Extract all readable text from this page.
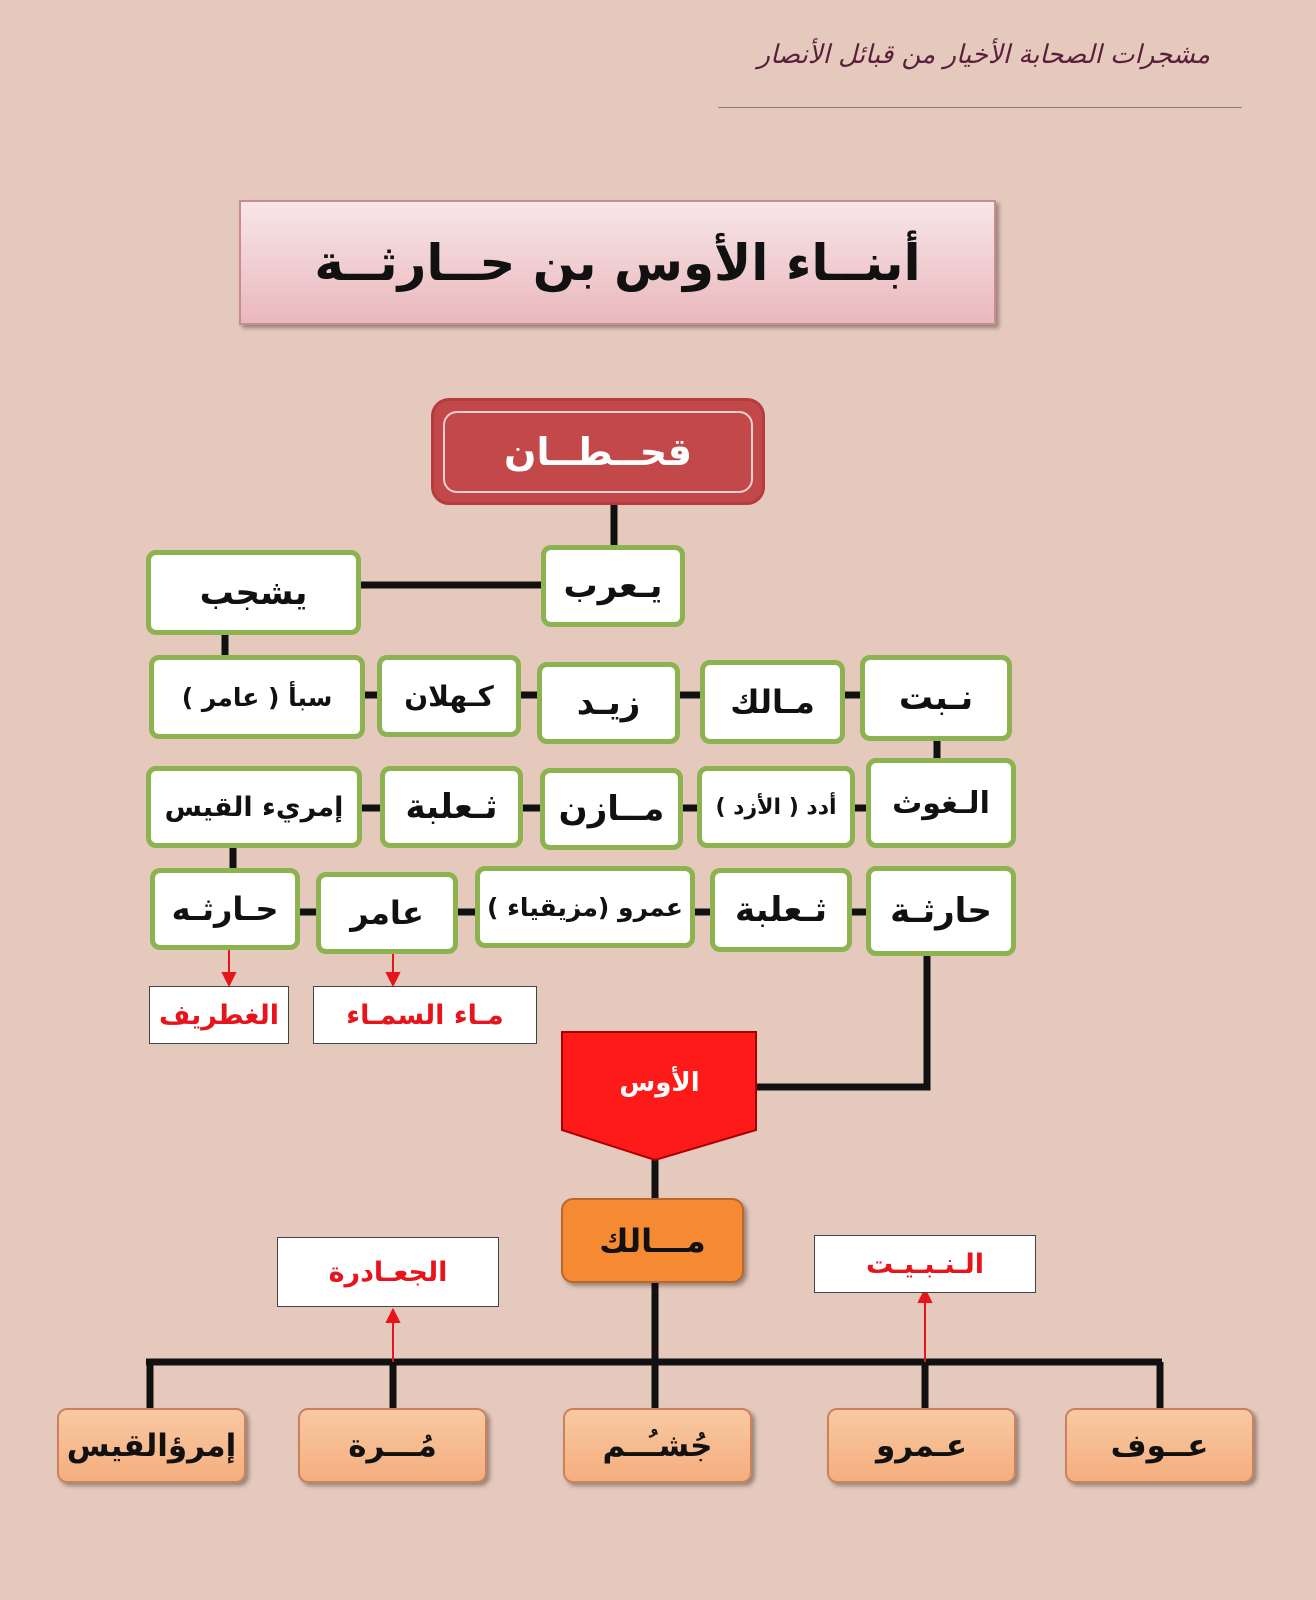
مشجرات الصحابة الأخيار من قبائل الأنصار
أبنــاء الأوس بن حــارثــة
قحــطــان
يـعرب
يشجب
نـبت
مـالك
زيـد
كـهلان
سبأ ( عامر )
الـغوث
أدد ( الأزد )
مــازن
ثـعلبة
إمريء القيس
حارثـة
ثـعلبة
عمرو (مزيقياء )
عامر
حـارثـه
الغطريف	مـاء السمـاء
الأوس
مـــالك
الجعـادرة	الـنـبـيـت
عــوف
عـمرو
جُشـُــم
مُـــرة
إمرؤالقيس
